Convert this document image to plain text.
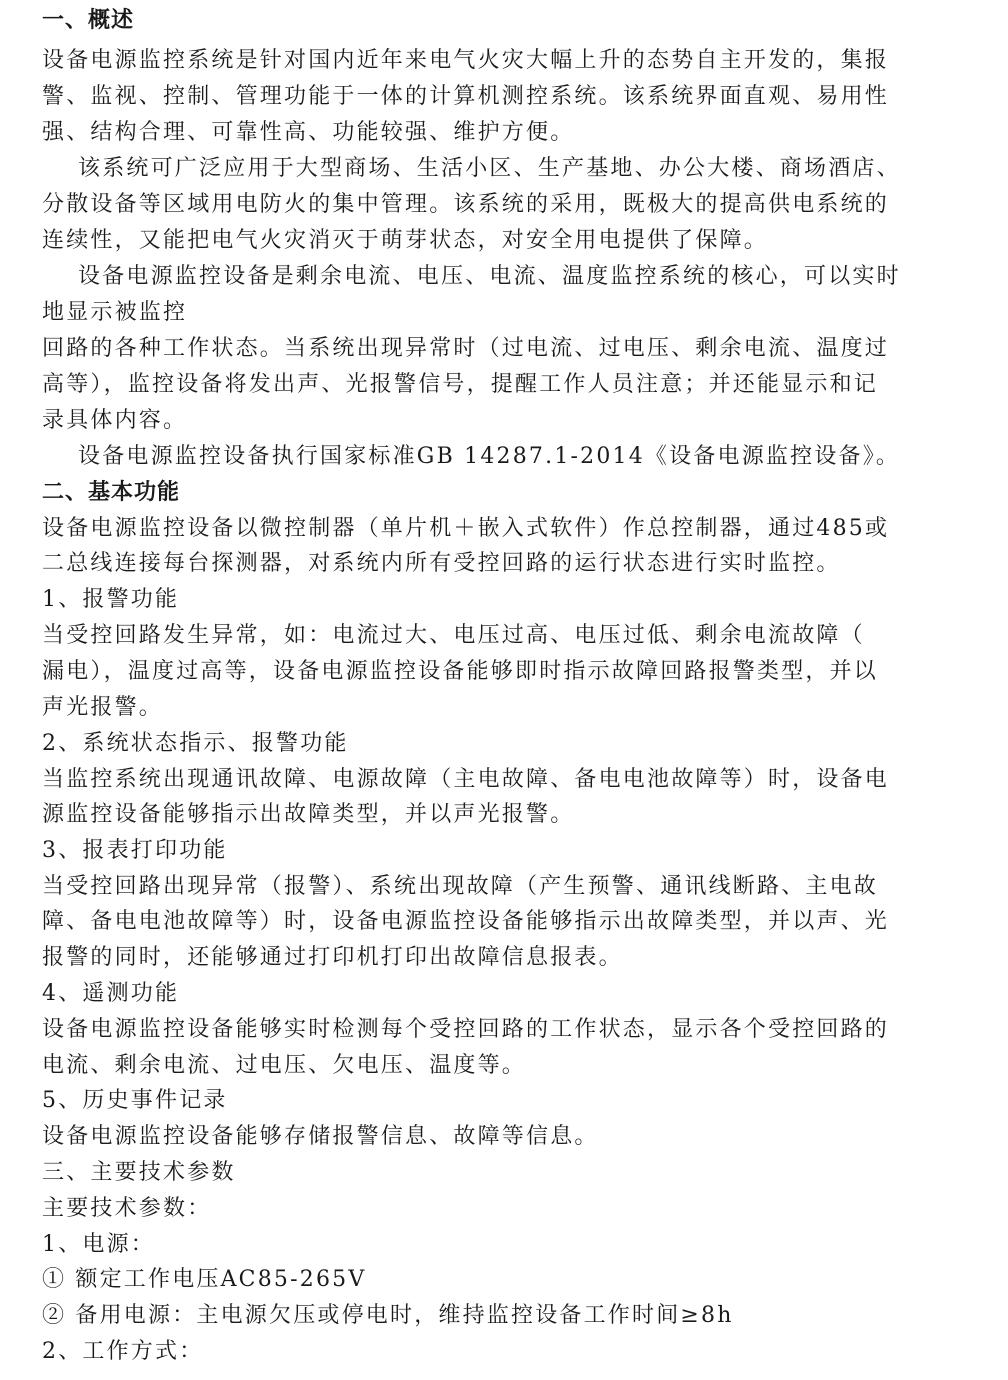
一、概述
设备电源监控系统是针对国内近年来电气火灾大幅上升的态势自主开发的，集报
警、监视、控制、管理功能于一体的计算机测控系统。该系统界面直观、易用性
强、结构合理、可靠性高、功能较强、维护方便。
该系统可广泛应用于大型商场、生活小区、生产基地、办公大楼、商场酒店、
分散设备等区域用电防火的集中管理。该系统的采用，既极大的提高供电系统的
连续性，又能把电气火灾消灭于萌芽状态，对安全用电提供了保障。
设备电源监控设备是剩余电流、电压、电流、温度监控系统的核心，可以实时
地显示被监控
回路的各种工作状态。当系统出现异常时（过电流、过电压、剩余电流、温度过
高等），监控设备将发出声、光报警信号，提醒工作人员注意；并还能显示和记
录具体内容。
设备电源监控设备执行国家标准GB 14287.1-2014《设备电源监控设备》。
二、基本功能
设备电源监控设备以微控制器（单片机＋嵌入式软件）作总控制器，通过485或
二总线连接每台探测器，对系统内所有受控回路的运行状态进行实时监控。
1、报警功能
当受控回路发生异常，如：电流过大、电压过高、电压过低、剩余电流故障（
漏电），温度过高等，设备电源监控设备能够即时指示故障回路报警类型，并以
声光报警。
2、系统状态指示、报警功能
当监控系统出现通讯故障、电源故障（主电故障、备电电池故障等）时，设备电
源监控设备能够指示出故障类型，并以声光报警。
3、报表打印功能
当受控回路出现异常（报警）、系统出现故障（产生预警、通讯线断路、主电故
障、备电电池故障等）时，设备电源监控设备能够指示出故障类型，并以声、光
报警的同时，还能够通过打印机打印出故障信息报表。
4、遥测功能
设备电源监控设备能够实时检测每个受控回路的工作状态，显示各个受控回路的
电流、剩余电流、过电压、欠电压、温度等。
5、历史事件记录
设备电源监控设备能够存储报警信息、故障等信息。
三、主要技术参数
主要技术参数：
1、电源：
① 额定工作电压AC85-265V
② 备用电源：主电源欠压或停电时，维持监控设备工作时间≥8h
2、工作方式：
